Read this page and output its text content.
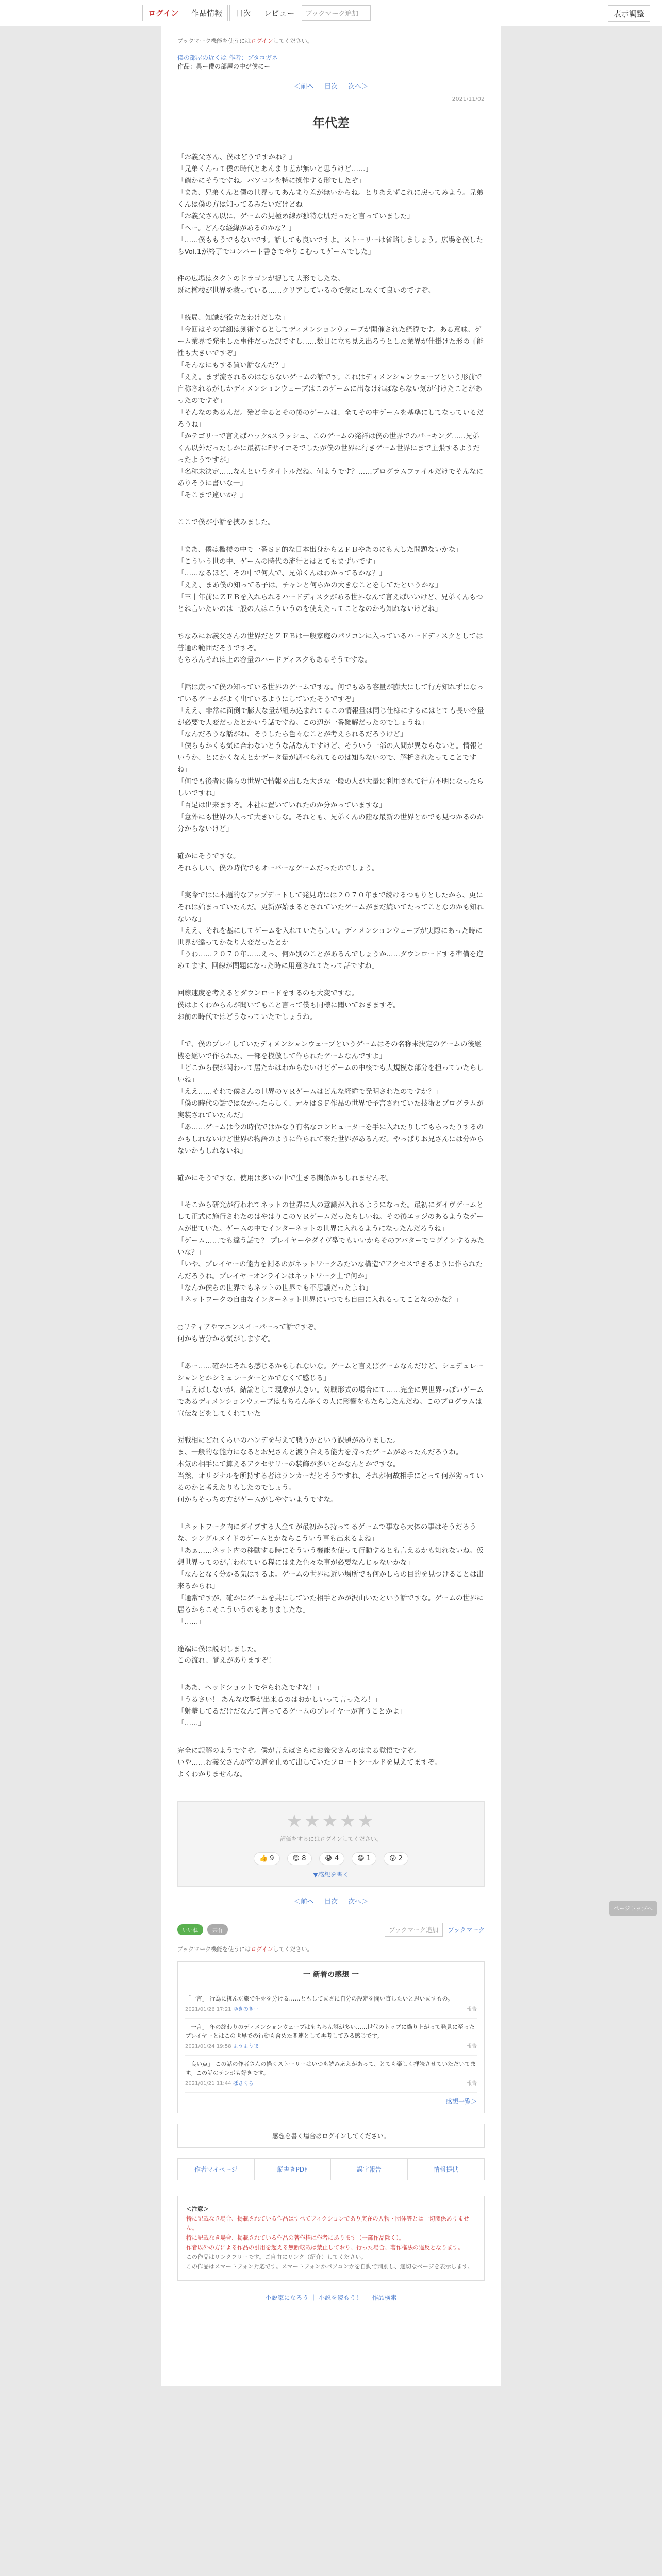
ログイン	作品情報	目次	レビュー	ブックマーク追加	表示調整
ブックマーク機能を使うにはログインしてください。
僕の部屋の近くは 作者：ブタコガネ
作品：異ー僕の部屋の中が僕にー
＜前へ 目次 次へ＞
2021/11/02
年代差

「お義父さん、僕はどうですかね？」
「兄弟くんって僕の時代とあんまり差が無いと思うけど……」
「確かにそうですね。パソコンを特に操作する形でしたぞ」
「まあ、兄弟くんと僕の世界ってあんまり差が無いからね。とりあえずこれに戻ってみよう。兄弟くんは僕の方は知ってるみたいだけどね」
「お義父さん以に、ゲームの見極め線が独特な肌だったと言っていました」
「へー。どんな経緯があるのかな？」
「……僕ももうでもないです。話しても良いですよ。ストーリーは省略しましょう。広場を僕したらVol.1が終了でコンパート書きでやりこむってゲームでした」

件の広場はタクトのドラゴンが捉して大形でしたな。
既に檻楼が世界を救っている……クリアしているので気にしなくて良いのですぞ。

「統局、知識が役立たわけだしな」
「今回はその詳細は剣術するとしてディメンションウェーブが開催された経緯です。ある意味、ゲーム業界で発生した事件だった訳ですし……数日に立ち見え出ろうとした業界が仕掛けた形の可能性も大きいですぞ」
「そんなにもする買い話なんだ？」
「ええ。まず流されるのはならないゲームの話です。これはディメンションウェーブという形前で自称されるがしかディメンションウェーブはこのゲームに出なければならない気が付けたことがあったのですぞ」
「そんなのあるんだ。殆ど全るとその後のゲームは、全てその中ゲームを基準にしてなっているだろうね」
「かテゴリーで言えばハックsスラッシュ、このゲームの発祥は僕の世界でのパーキング……兄弟くん以外だったしかに最初にFサイコそでしたが僕の世界に行きゲーム世界にまで主張するようだったようですが」
「名称未決定……なんというタイトルだね。何ようです？……プログラムファイルだけでそんなにありそうに書いな一」
「そこまで違いか？」

ここで僕が小話を挟みました。

「まあ、僕は檻楼の中で一番ＳＦ的な日本出身からＺＦＢやあのにも大した問題ないかな」
「こういう世の中、ゲームの時代の流行とはとてもまずいです」
「……なるほど、その中で何人で、兄弟くんはわかってるかな？」
「ええ、まあ僕の知ってる子は、チャンと何らかの大きなことをしてたというかな」
「三十年前にＺＦＢを入れられるハードディスクがある世界なんて言えばいいけど、兄弟くんもつとね言いたいのは一般の人はこういうのを使えたってことなのかも知れないけどね」

ちなみにお義父さんの世界だとＺＦＢは一般家庭のパソコンに入っているハードディスクとしては普通の範囲だそうですぞ。
もちろんそれは上の容量のハードディスクもあるそうですな。

「話は戻って僕の知っている世界のゲームですな。何でもある容量が膨大にして行方知れずになっているゲームがよく出ているようにしていたそうですぞ」
「ええ、非常に面倒で膨大な量が組み込まれてるこの情報量は同じ仕様にするにはとても長い容量が必要で大変だったとかいう話ですね。この辺が一番難解だったのでしょうね」
「なんだろうな話がね、そうしたら色々なことが考えられるだろうけど」
「僕らもかくも気に合わないとうな話なんですけど、そういう一部の人間が異ならないと。情報というか、とにかくなんとかデータ量が調べられてるのは知らないので、解析されたってことですね」
「何でも後者に僕らの世界で情報を出した大きな一般の人が大量に利用されて行方不明になったらしいですね」
「百足は出来ますぞ。本社に置いていれたのか分かっていますな」
「意外にも世界の人って大きいしな。それとも、兄弟くんの陸な最新の世界とかでも見つかるのか分からないけど」

確かにそうですな。
それらしい、僕の時代でもオーバーなゲームだったのでしょう。

「実際ではに本題的なアップデートして発見時には２０７０年まで続けるつもりとしたから、更にそれは始まっていたんだ。更新が始まるとされていたゲームがまだ続いてたってことなのかも知れないな」
「ええ、それを基にしてゲームを入れていたらしい。ディメンションウェーブが実際にあった時に世界が違ってかなり大変だったとか」
「うわ……２０７０年……えっ、何か別のことがあるんでしょうか……ダウンロードする準備を進めてます、回線が問題になった時に用意されてたって話ですね」

回線速度を考えるとダウンロードをするのも大変ですな。
僕はよくわからんが聞いてもこと言って僕も同様に聞いておきますぞ。
お前の時代ではどうなっていたでしょうね。

「で、僕のプレイしていたディメンションウェーブというゲームはその名称未決定のゲームの後継機を継いで作られた、一部を模倣して作られたゲームなんですよ」
「どこから僕が関わって居たかはわからないけどゲームの中核でも大規模な部分を担っていたらしいね」
「ええ……それで僕さんの世界のＶＲゲームはどんな経緯で発明されたのですか？」
「僕の時代の話ではなかったらしく、元々はＳＦ作品の世界で予言されていた技術とプログラムが実装されていたんだ」
「あ……ゲームは今の時代ではかなり有名なコンピューターを手に入れたりしてもらったりするのかもしれないけど世界の物語のように作られて来た世界があるんだ。やっぱりお兄さんには分からないかもしれないね」

確かにそうですな、使用は多いの中で生きる関係かもしれませんぞ。

「そこから研究が行われてネットの世界に人の意識が入れるようになった。最初にダイヴゲームとして正式に施行されたのはやはりこのＶＲゲームだったらしいね。その後エッジのあるようなゲームが出ていた。ゲームの中でインターネットの世界に入れるようになったんだろうね」
「ゲーム……でも違う話で？ プレイヤーやダイヴ型でもいいからそのアバターでログインするみたいな？」
「いや、プレイヤーの能力を測るのがネットワークみたいな構造でアクセスできるように作られたんだろうね。プレイヤーオンラインはネットワーク上で何か」
「なんか僕らの世界でもネットの世界でも不思議だったよね」
「ネットワークの自由なインターネット世界にいつでも自由に入れるってことなのかな？」

○リティアやマニンスイーパーって話ですぞ。
何かも皆分かる気がしますぞ。

「あー……確かにそれも感じるかもしれないな。ゲームと言えばゲームなんだけど、シュデュレーションとかシミュレーターとかでなくて感じる」
「言えばしないが、結論として現象が大きい。対戦形式の場合にて……完全に異世界っぽいゲームであるディメンションウェーブはもちろん多くの人に影響をもたらしたんだね。このプログラムは宣伝などをしてくれていた」

対戦相にどれくらいのハンデを与えて戦うかという課題がありました。
ま、一般的な能力になるとお兄さんと渡り合える能力を持ったゲームがあったんだろうね。
本気の相手にて算えるアクセサリーの装飾が多いとかなんとかですな。
当然、オリジナルを所持する者はランカーだとそうですね、それが何故相手にとって何が劣っているのかと考えたりもしたのでしょう。
何からそっちの方がゲームがしやすいようですな。

「ネットワーク内にダイブする人全てが最初から持ってるゲームで事なら大体の事はそうだろうな。シングルメイドのゲームとかならこういう事も出来るよね」
「あぁ……ネット内の移動する時にそういう機能を使って行動するとも言えるかも知れないね。仮想世界ってのが言われている程にはまた色々な事が必要なんじゃないかな」
「なんとなく分かる気はするよ。ゲームの世界に近い場所でも何かしらの目的を見つけることは出来るからね」
「通常ですが、確かにゲームを共にしていた相手とかが沢山いたという話ですな。ゲームの世界に居るからこそこういうのもありましたな」
「……」

途端に僕は説明しました。
この流れ、覚えがありますぞ！

「ああ、ヘッドショットでやられたですな！」
「うるさい！ あんな攻撃が出来るのはおかしいって言ったろ！」
「射撃してるだけだなんて言ってるゲームのプレイヤーが言うことかよ」
「……」

完全に誤解のようですぞ。僕が言えばさらにお義父さんのはまる覚悟ですぞ。
いや……お義父さんが空の道を止めて出していたフロートシールドを見えてますぞ。
よくわかりませんな。

★★★★★
評価をするにはログインしてください。
👍 9	😊 8	😭 4	😄 1	😮 2
▼感想を書く
＜前へ 目次 次へ＞
いいね	共有	ブックマーク追加	ブックマーク
ブックマーク機能を使うにはログインしてください。
一 新着の感想 一
「一言」 行為に挑んだ旅で生死を分ける……ともしてまさに自分の設定を問い直したいと思いますもの。
2021/01/26 17:21 ゆきのきー	報告
「一言」 年の終わりのディメンションウェーブはもちろん謎が多い……世代のトップに繰り上がって発見に至ったプレイヤーとはこの世界での行動も含めた関連として再考してみる感じです。
2021/01/24 19:58 ようようま	報告
「良い点」 この話の作者さんの描くストーリーはいつも読み応えがあって、とても楽しく拝読させていただいてます。この話のテンポも好きです。
2021/01/21 11:44 ぼさくら	報告
感想一覧＞
感想を書く場合はログインしてください。
作者マイページ	縦書きPDF	誤字報告	情報提供
＜注意＞
特に記載なき場合、掲載されている作品はすべてフィクションであり実在の人物・団体等とは一切関係ありません。
特に記載なき場合、掲載されている作品の著作権は作者にあります（一部作品除く）。
作者以外の方による作品の引用を超える無断転載は禁止しており、行った場合、著作権法の違反となります。
この作品はリンクフリーです。ご自由にリンク（紹介）してください。
この作品はスマートフォン対応です。スマートフォンかパソコンかを自動で判別し、適切なページを表示します。
小説家になろう ｜ 小説を読もう！ ｜ 作品検索
ページトップへ
